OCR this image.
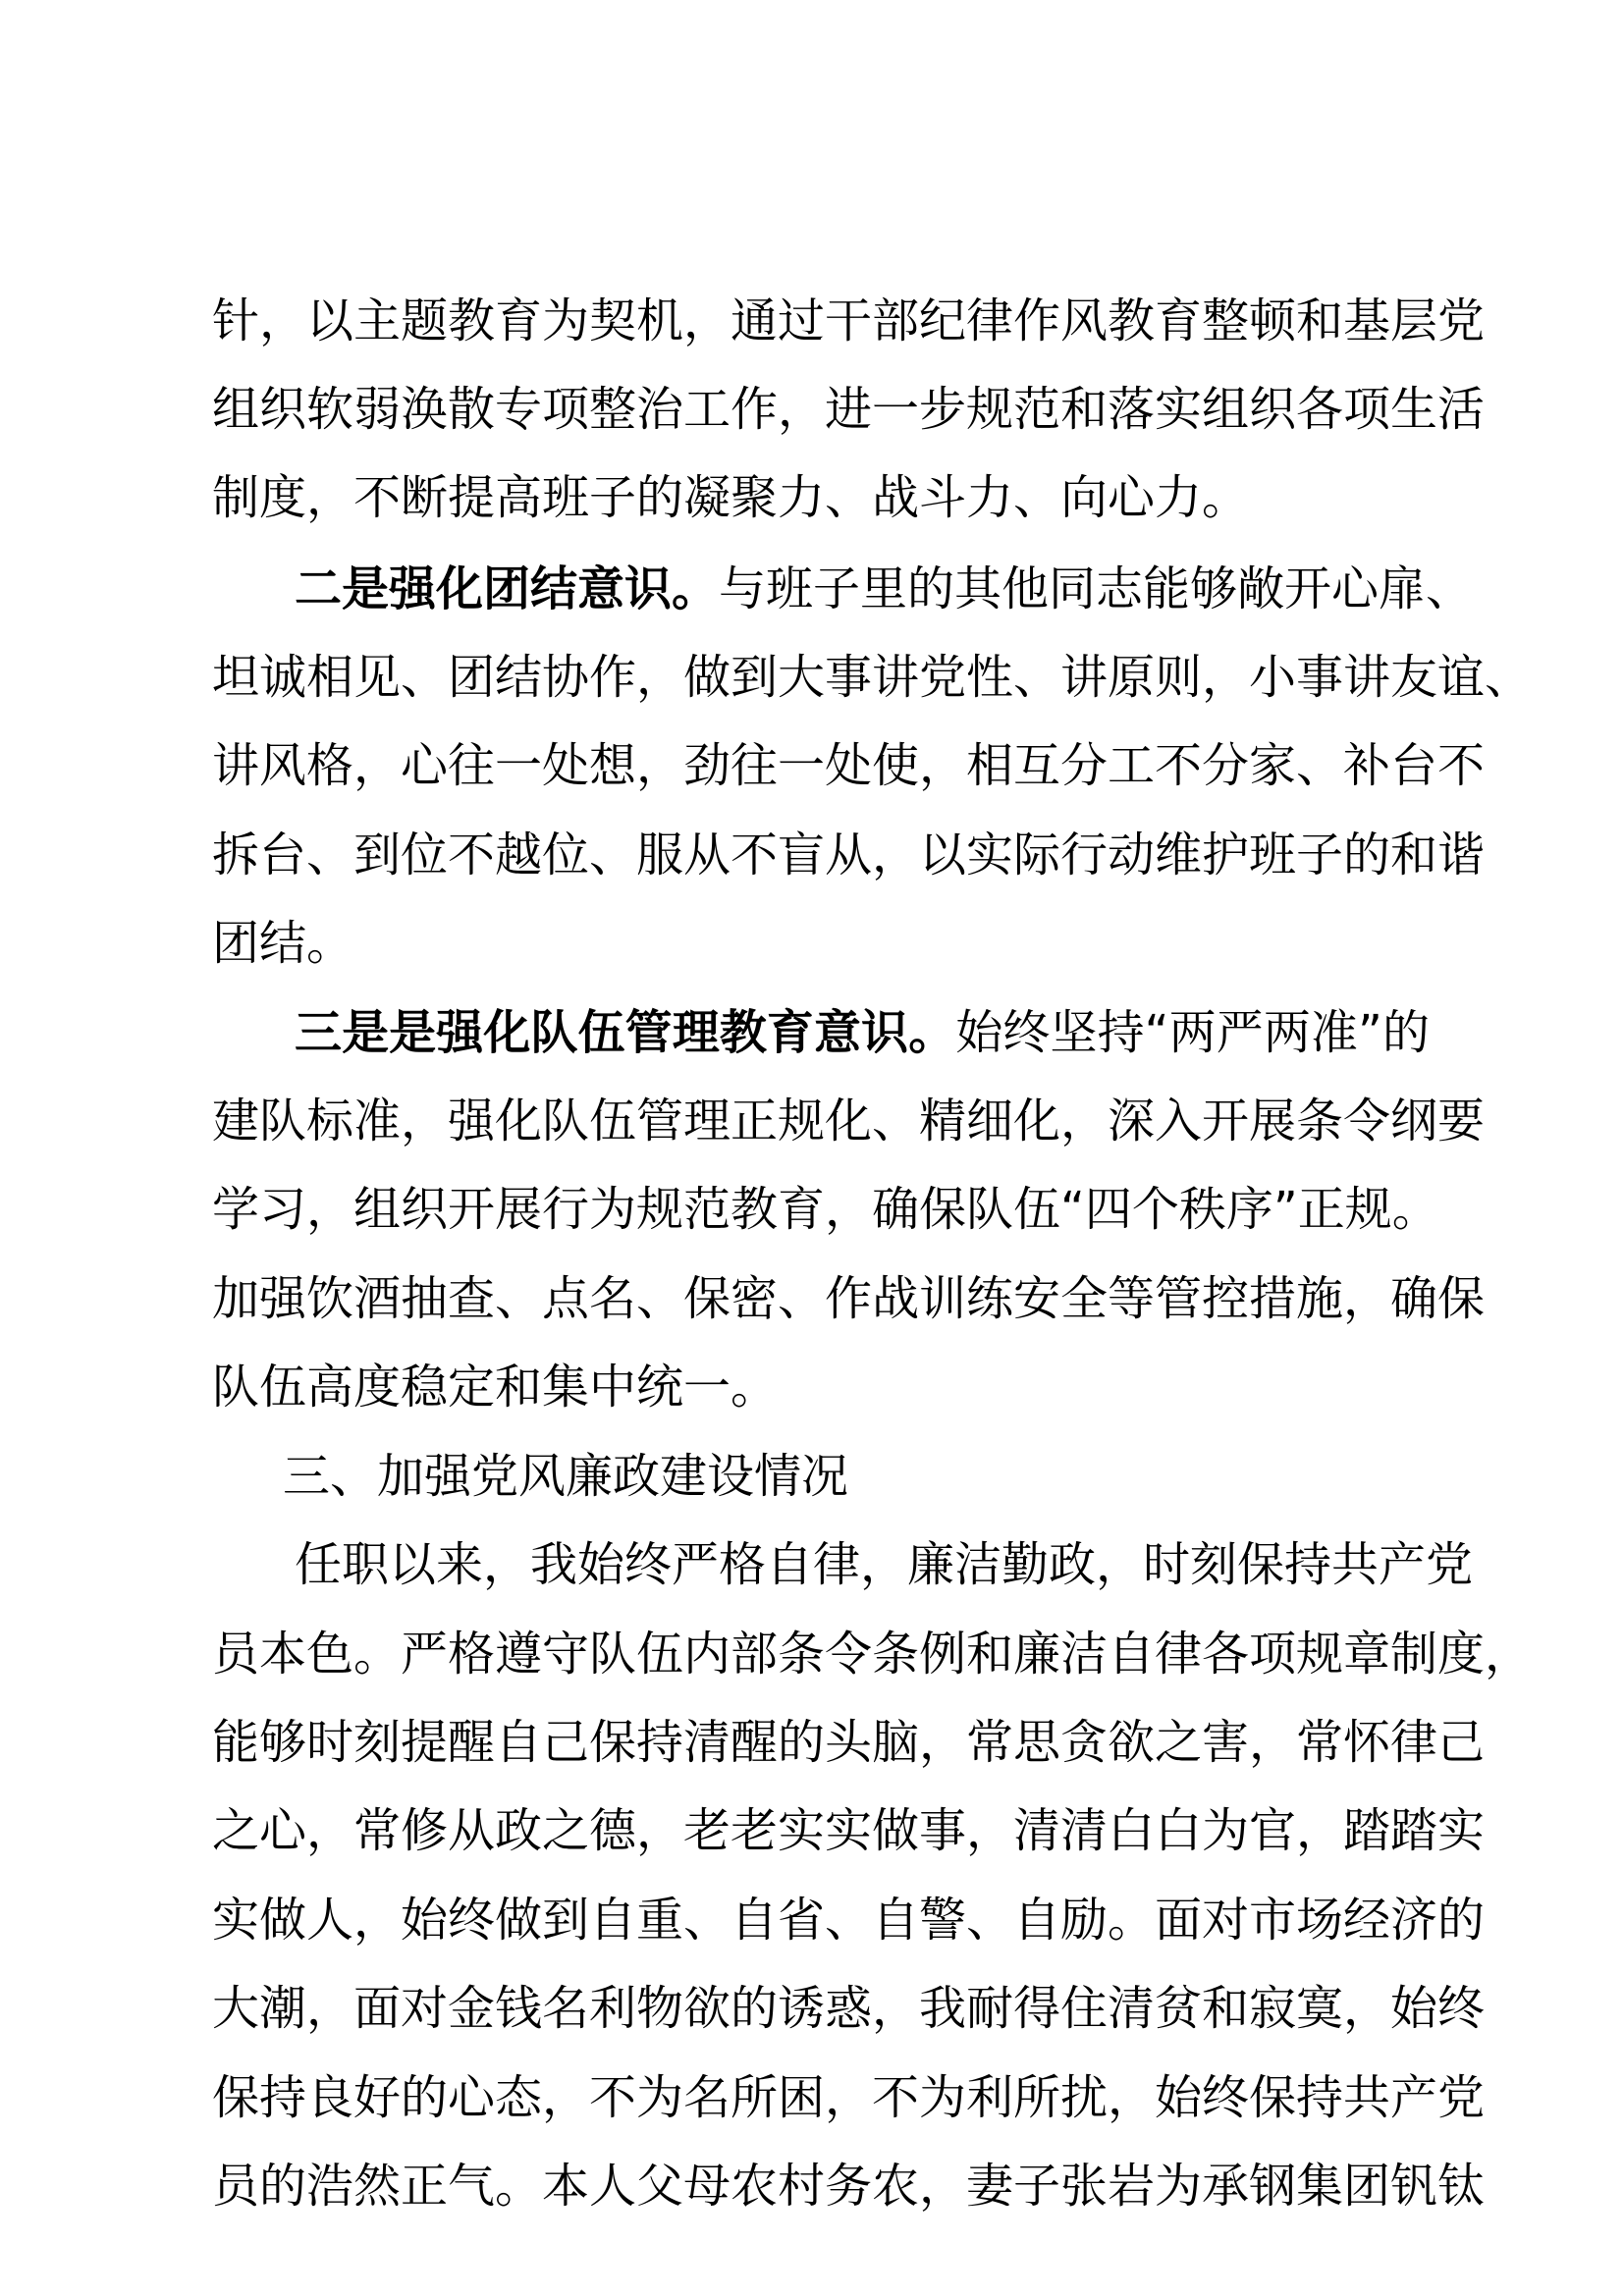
针，以主题教育为契机，通过干部纪律作风教育整顿和基层党
组织软弱涣散专项整治工作，进一步规范和落实组织各项生活
制度，不断提高班子的凝聚力、战斗力、向心力。
二是强化团结意识。与班子里的其他同志能够敞开心扉、
坦诚相见、团结协作，做到大事讲党性、讲原则，小事讲友谊、
讲风格，心往一处想，劲往一处使，相互分工不分家、补台不
拆台、到位不越位、服从不盲从，以实际行动维护班子的和谐
团结。
三是是强化队伍管理教育意识。始终坚持“两严两准”的
建队标准，强化队伍管理正规化、精细化，深入开展条令纲要
学习，组织开展行为规范教育，确保队伍“四个秩序”正规。
加强饮酒抽查、点名、保密、作战训练安全等管控措施，确保
队伍高度稳定和集中统一。
三、加强党风廉政建设情况
任职以来，我始终严格自律，廉洁勤政，时刻保持共产党
员本色。严格遵守队伍内部条令条例和廉洁自律各项规章制度，
能够时刻提醒自己保持清醒的头脑，常思贪欲之害，常怀律己
之心，常修从政之德，老老实实做事，清清白白为官，踏踏实
实做人，始终做到自重、自省、自警、自励。面对市场经济的
大潮，面对金钱名利物欲的诱惑，我耐得住清贫和寂寞，始终
保持良好的心态，不为名所困，不为利所扰，始终保持共产党
员的浩然正气。本人父母农村务农，妻子张岩为承钢集团钒钛
